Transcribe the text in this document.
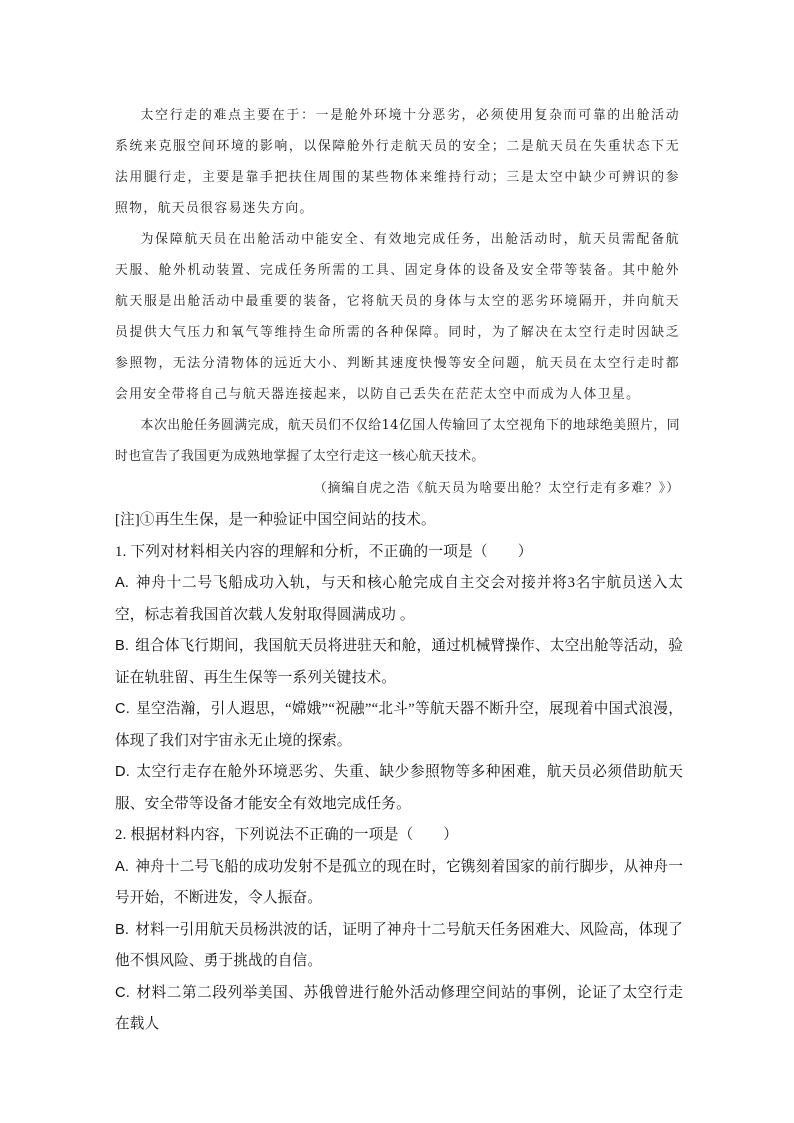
太空行走的难点主要在于：一是舱外环境十分恶劣，必须使用复杂而可靠的出舱活动系统来克服空间环境的影响，以保障舱外行走航天员的安全；二是航天员在失重状态下无法用腿行走，主要是靠手把扶住周围的某些物体来维持行动；三是太空中缺少可辨识的参照物，航天员很容易迷失方向。

为保障航天员在出舱活动中能安全、有效地完成任务，出舱活动时，航天员需配备航天服、舱外机动装置、完成任务所需的工具、固定身体的设备及安全带等装备。其中舱外航天服是出舱活动中最重要的装备，它将航天员的身体与太空的恶劣环境隔开，并向航天员提供大气压力和氧气等维持生命所需的各种保障。同时，为了解决在太空行走时因缺乏参照物，无法分清物体的远近大小、判断其速度快慢等安全问题，航天员在太空行走时都会用安全带将自己与航天器连接起来，以防自己丢失在茫茫太空中而成为人体卫星。

本次出舱任务圆满完成，航天员们不仅给14亿国人传输回了太空视角下的地球绝美照片，同时也宣告了我国更为成熟地掌握了太空行走这一核心航天技术。

（摘编自虎之浩《航天员为啥要出舱？太空行走有多难？》）

[注]①再生生保，是一种验证中国空间站的技术。

1. 下列对材料相关内容的理解和分析，不正确的一项是（　　）

A. 神舟十二号飞船成功入轨，与天和核心舱完成自主交会对接并将3名宇航员送入太空，标志着我国首次载人发射取得圆满成功 。

B. 组合体飞行期间，我国航天员将进驻天和舱，通过机械臂操作、太空出舱等活动，验证在轨驻留、再生生保等一系列关键技术。

C. 星空浩瀚，引人遐思，“嫦娥”“祝融”“北斗”等航天器不断升空，展现着中国式浪漫，体现了我们对宇宙永无止境的探索。

D. 太空行走存在舱外环境恶劣、失重、缺少参照物等多种困难，航天员必须借助航天服、安全带等设备才能安全有效地完成任务。

2. 根据材料内容，下列说法不正确的一项是（　　）

A. 神舟十二号飞船的成功发射不是孤立的现在时，它镌刻着国家的前行脚步，从神舟一号开始，不断进发，令人振奋。

B. 材料一引用航天员杨洪波的话，证明了神舟十二号航天任务困难大、风险高，体现了他不惧风险、勇于挑战的自信。

C. 材料二第二段列举美国、苏俄曾进行舱外活动修理空间站的事例，论证了太空行走在载人
